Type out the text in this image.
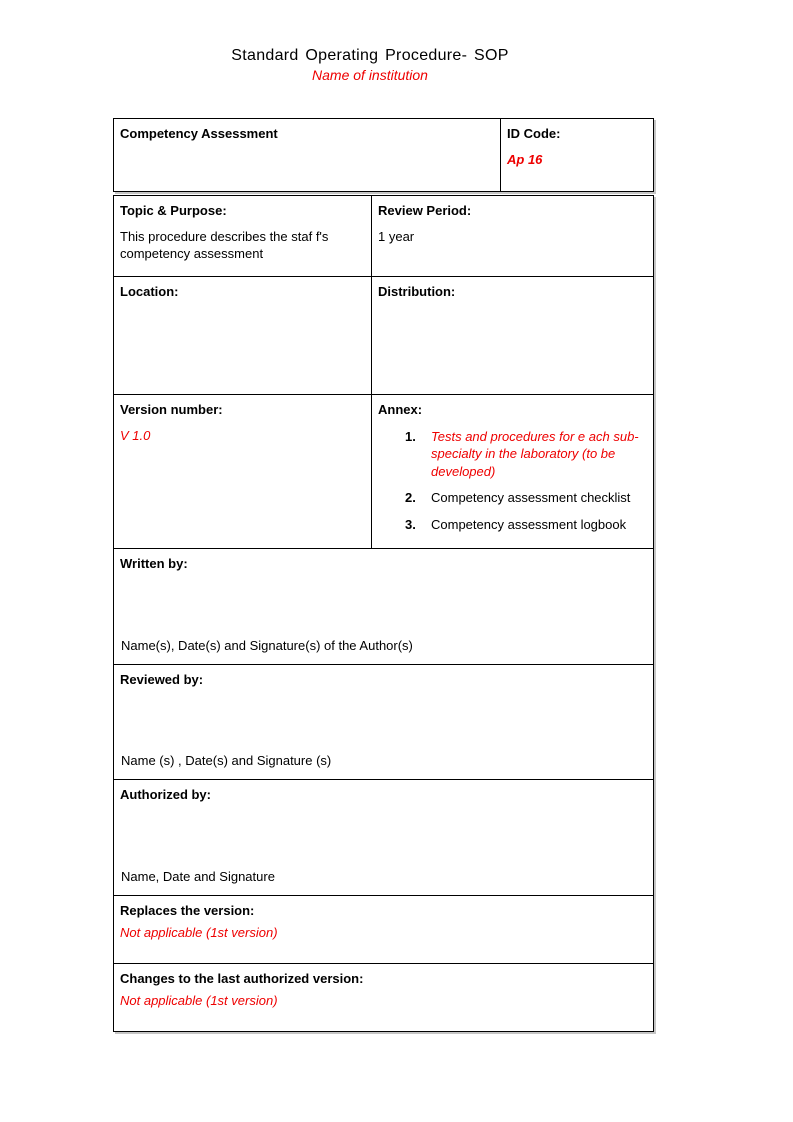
Standard Operating Procedure- SOP
Name of institution
Competency Assessment	ID Code:
Ap 16
Topic & Purpose:
This procedure describes the staf f's competency assessment

Review Period:
1 year

Location:	Distribution:

Version number:
V 1.0

Annex:
1.	Tests and procedures for e ach sub-specialty in the laboratory (to be developed)
2.	Competency assessment checklist
3.	Competency assessment logbook

Written by:
Name(s), Date(s) and Signature(s) of the Author(s)	

Reviewed by:
Name (s) , Date(s) and Signature (s)	

Authorized by:
Name, Date and Signature	

Replaces the version:
Not applicable (1st version)	

Changes to the last authorized version:
Not applicable (1st version)	
